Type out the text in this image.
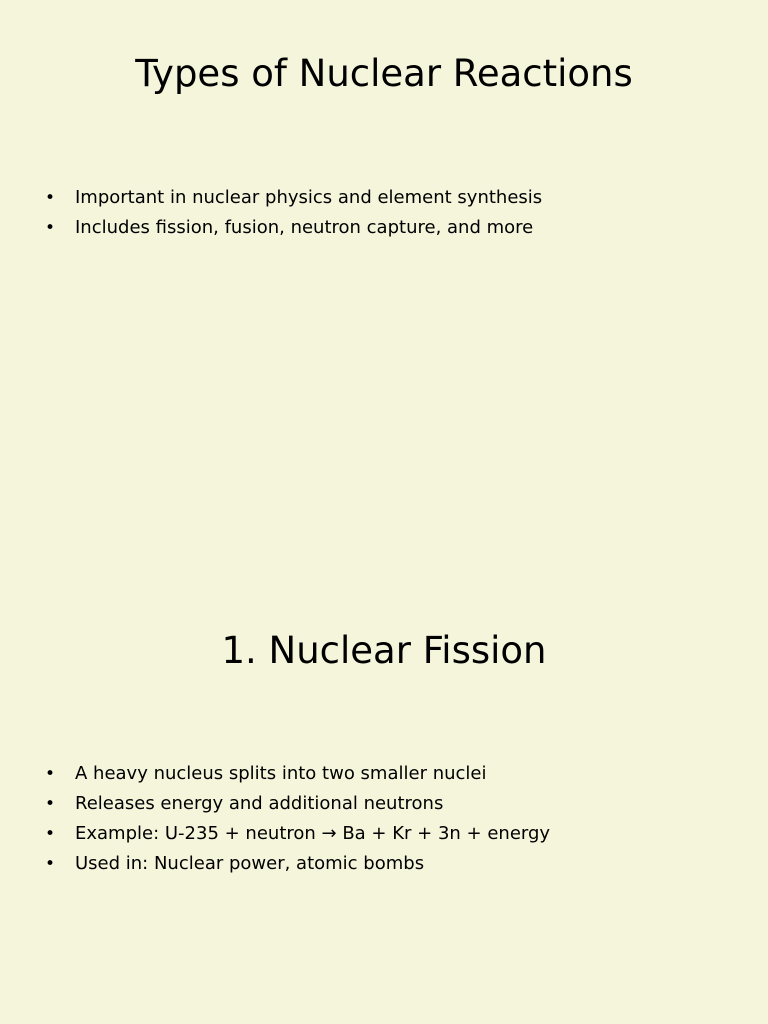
Types of Nuclear Reactions
• Important in nuclear physics and element synthesis
• Includes fission, fusion, neutron capture, and more
1. Nuclear Fission
• A heavy nucleus splits into two smaller nuclei
• Releases energy and additional neutrons
• Example: U-235 + neutron → Ba + Kr + 3n + energy
• Used in: Nuclear power, atomic bombs
